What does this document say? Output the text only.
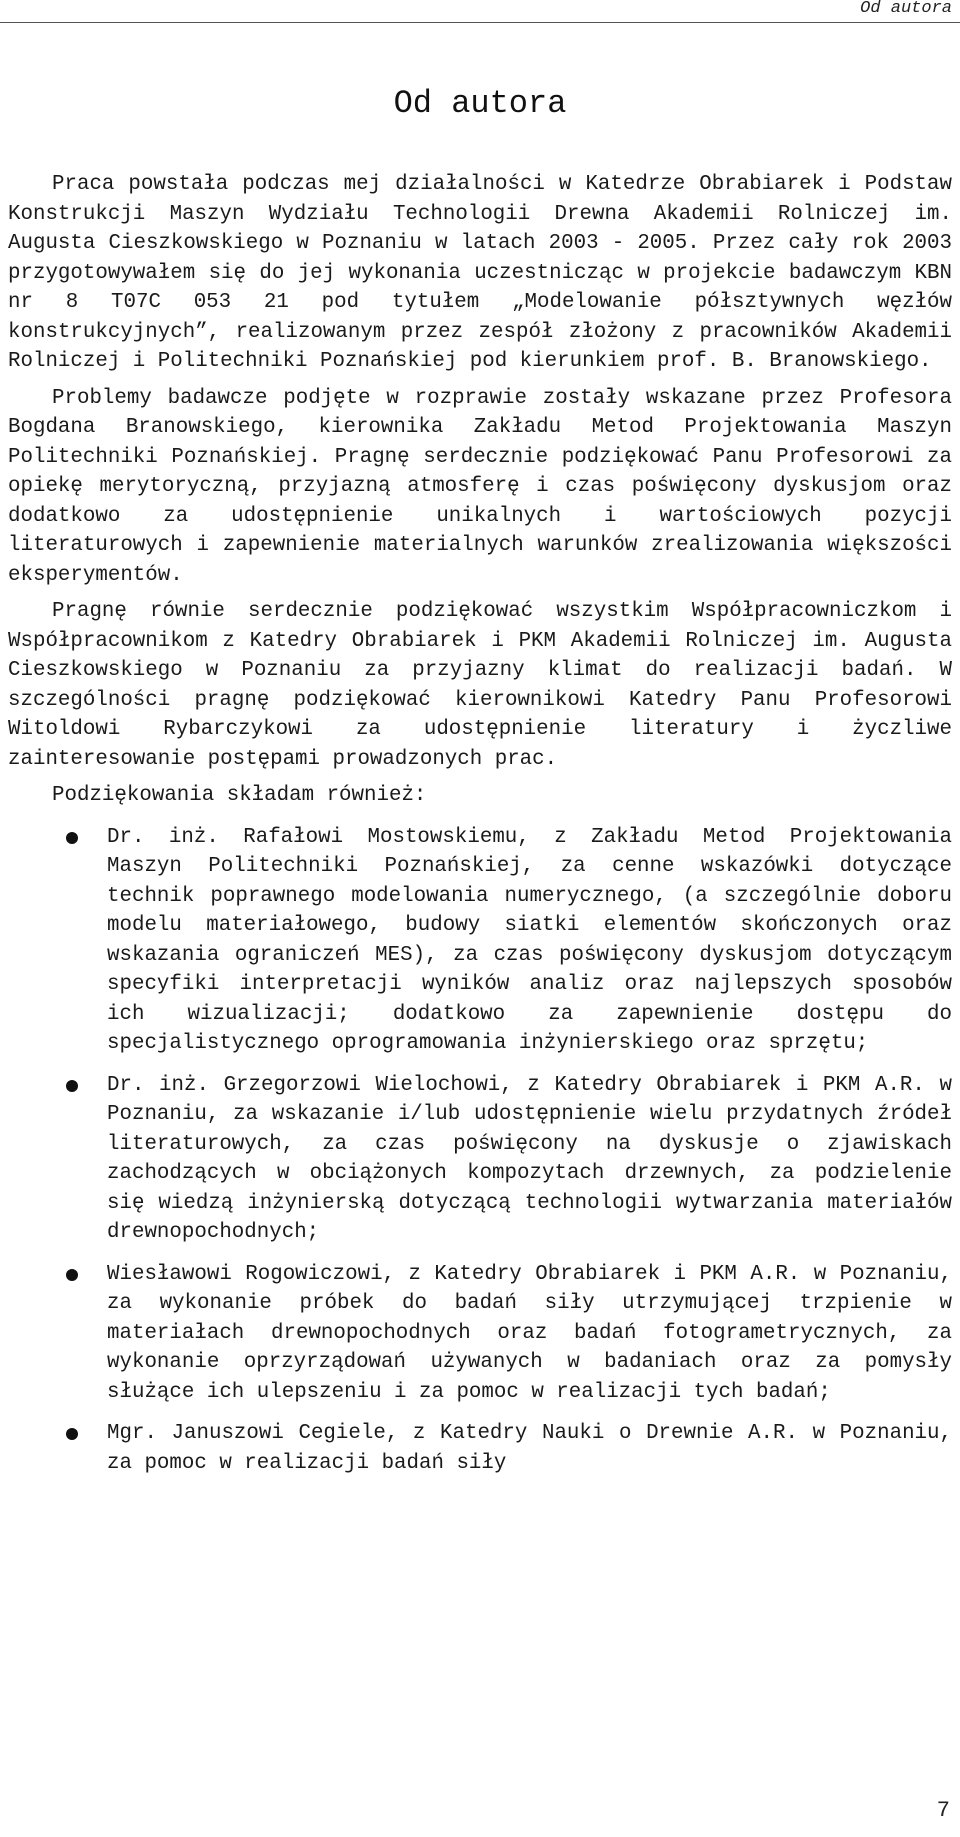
Od autora
Od autora

Praca powstała podczas mej działalności w Katedrze Obrabiarek i Podstaw Konstrukcji Maszyn Wydziału Technologii Drewna Akademii Rolniczej im. Augusta Cieszkowskiego w Poznaniu w latach 2003 - 2005. Przez cały rok 2003 przygotowywałem się do jej wykonania uczestnicząc w projekcie badawczym KBN nr 8 T07C 053 21 pod tytułem „Modelowanie półsztywnych węzłów konstrukcyjnych”, realizowanym przez zespół złożony z pracowników Akademii Rolniczej i Politechniki Poznańskiej pod kierunkiem prof. B. Branowskiego.

Problemy badawcze podjęte w rozprawie zostały wskazane przez Profesora Bogdana Branowskiego, kierownika Zakładu Metod Projektowania Maszyn Politechniki Poznańskiej. Pragnę serdecznie podziękować Panu Profesorowi za opiekę merytoryczną, przyjazną atmosferę i czas poświęcony dyskusjom oraz dodatkowo za udostępnienie unikalnych i wartościowych pozycji literaturowych i zapewnienie materialnych warunków zrealizowania większości eksperymentów.

Pragnę równie serdecznie podziękować wszystkim Współpracowniczkom i Współpracownikom z Katedry Obrabiarek i PKM Akademii Rolniczej im. Augusta Cieszkowskiego w Poznaniu za przyjazny klimat do realizacji badań. W szczególności pragnę podziękować kierownikowi Katedry Panu Profesorowi Witoldowi Rybarczykowi za udostępnienie literatury i życzliwe zainteresowanie postępami prowadzonych prac.

Podziękowania składam również:

Dr. inż. Rafałowi Mostowskiemu, z Zakładu Metod Projektowania Maszyn Politechniki Poznańskiej, za cenne wskazówki dotyczące technik poprawnego modelowania numerycznego, (a szczególnie doboru modelu materiałowego, budowy siatki elementów skończonych oraz wskazania ograniczeń MES), za czas poświęcony dyskusjom dotyczącym specyfiki interpretacji wyników analiz oraz najlepszych sposobów ich wizualizacji; dodatkowo za zapewnienie dostępu do specjalistycznego oprogramowania inżynierskiego oraz sprzętu;
Dr. inż. Grzegorzowi Wielochowi, z Katedry Obrabiarek i PKM A.R. w Poznaniu, za wskazanie i/lub udostępnienie wielu przydatnych źródeł literaturowych, za czas poświęcony na dyskusje o zjawiskach zachodzących w obciążonych kompozytach drzewnych, za podzielenie się wiedzą inżynierską dotyczącą technologii wytwarzania materiałów drewnopochodnych;
Wiesławowi Rogowiczowi, z Katedry Obrabiarek i PKM A.R. w Poznaniu, za wykonanie próbek do badań siły utrzymującej trzpienie w materiałach drewnopochodnych oraz badań fotogrametrycznych, za wykonanie oprzyrządowań używanych w badaniach oraz za pomysły służące ich ulepszeniu i za pomoc w realizacji tych badań;
Mgr. Januszowi Cegiele, z Katedry Nauki o Drewnie A.R. w Poznaniu, za pomoc w realizacji badań siły
7
